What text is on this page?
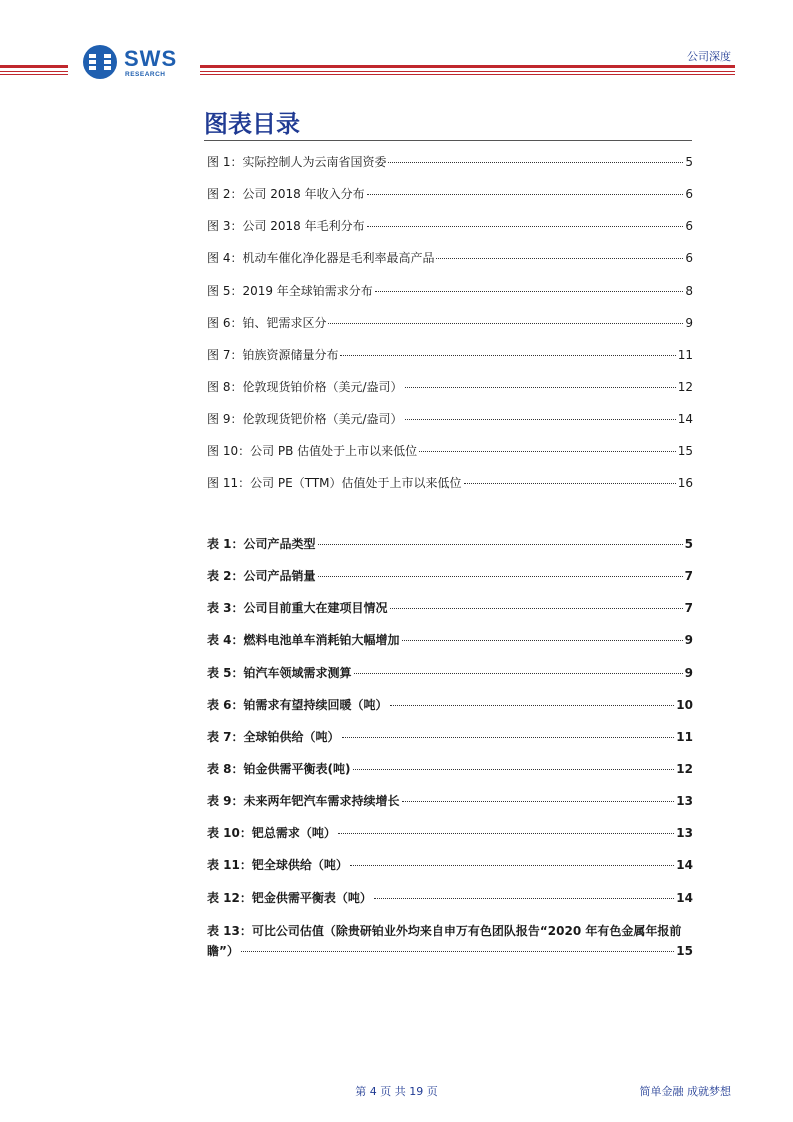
SWS
RESEARCH
公司深度
图表目录
图 1：实际控制人为云南省国资委	5
图 2：公司 2018 年收入分布	6
图 3：公司 2018 年毛利分布	6
图 4：机动车催化净化器是毛利率最高产品	6
图 5：2019 年全球铂需求分布	8
图 6：铂、钯需求区分	9
图 7：铂族资源储量分布	11
图 8：伦敦现货铂价格（美元/盎司）	12
图 9：伦敦现货钯价格（美元/盎司）	14
图 10：公司 PB 估值处于上市以来低位	15
图 11：公司 PE（TTM）估值处于上市以来低位	16
表 1：公司产品类型	5
表 2：公司产品销量	7
表 3：公司目前重大在建项目情况	7
表 4：燃料电池单车消耗铂大幅增加	9
表 5：铂汽车领域需求测算	9
表 6：铂需求有望持续回暖（吨）	10
表 7：全球铂供给（吨）	11
表 8：铂金供需平衡表(吨)	12
表 9：未来两年钯汽车需求持续增长	13
表 10：钯总需求（吨）	13
表 11：钯全球供给（吨）	14
表 12：钯金供需平衡表（吨）	14
表 13：可比公司估值（除贵研铂业外均来自申万有色团队报告“2020 年有色金属年报前
瞻”）	15
第 4 页 共 19 页	简单金融 成就梦想
